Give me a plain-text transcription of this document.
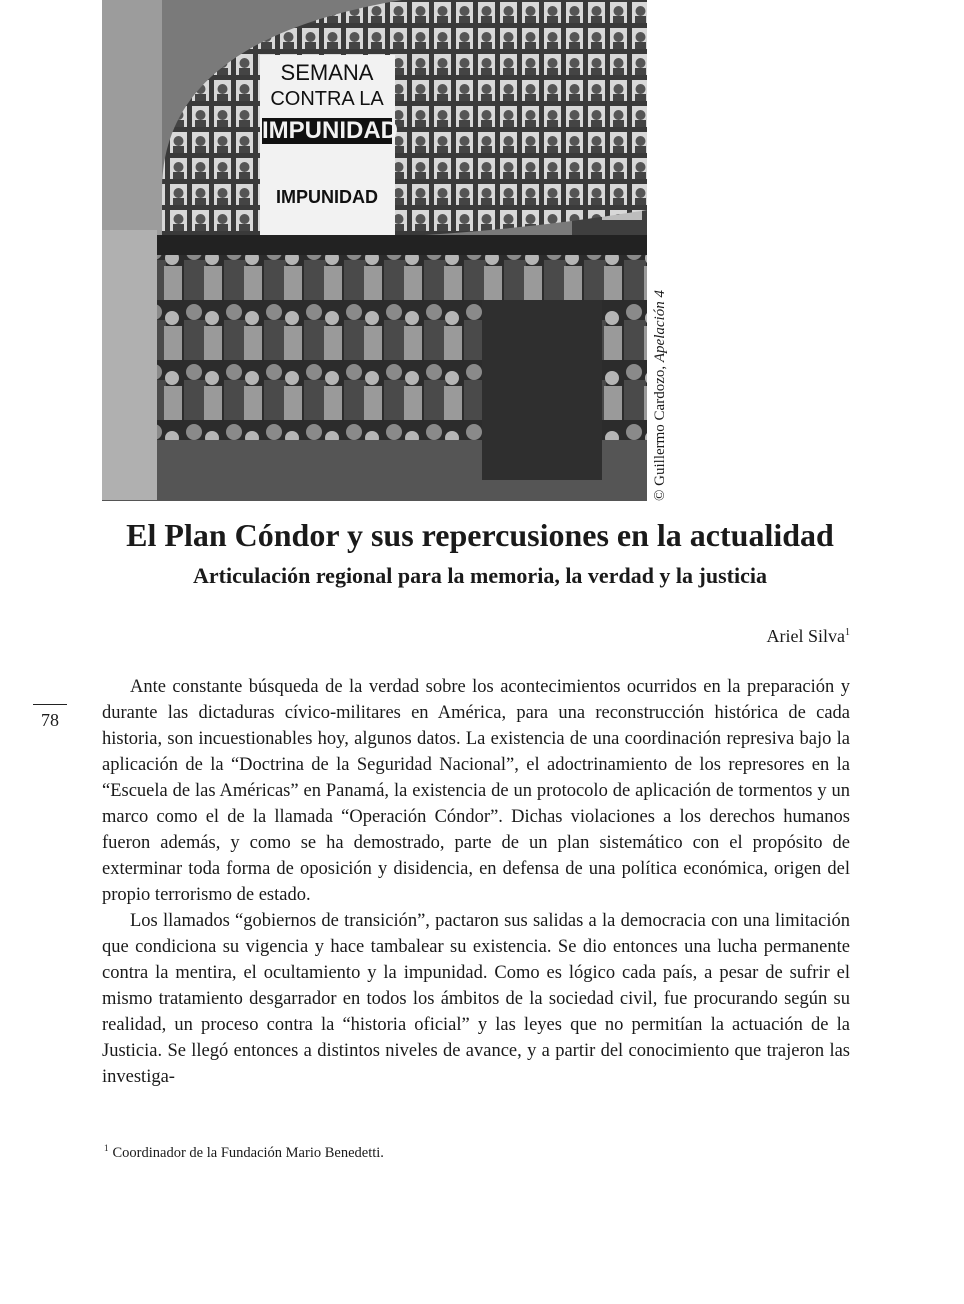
SEMANA
CONTRA LA
IMPUNIDAD
IMPUNIDAD
© Guillermo Cardozo, Apelación 4
El Plan Cóndor y sus repercusiones en la actualidad
Articulación regional para la memoria, la verdad y la justicia
Ariel Silva$^1$
78

Ante constante búsqueda de la verdad sobre los acontecimientos ocurridos en la preparación y durante las dictaduras cívico-militares en América, para una reconstrucción histórica de cada historia, son incuestionables hoy, algunos datos. La existencia de una coordinación represiva bajo la aplicación de la “Doctrina de la Seguridad Nacional”, el adoctrinamiento de los represores en la “Escuela de las Américas” en Panamá, la existencia de un protocolo de aplicación de tormentos y un marco como el de la llamada “Operación Cóndor”. Dichas violaciones a los derechos humanos fueron además, y como se ha demostrado, parte de un plan sistemático con el propósito de exterminar toda forma de oposición y disidencia, en defensa de una política económica, origen del propio terrorismo de estado.

Los llamados “gobiernos de transición”, pactaron sus salidas a la democracia con una limitación que condiciona su vigencia y hace tambalear su existencia. Se dio entonces una lucha permanente contra la mentira, el ocultamiento y la impunidad. Como es lógico cada país, a pesar de sufrir el mismo tratamiento desgarrador en todos los ámbitos de la sociedad civil, fue procurando según su realidad, un proceso contra la “historia oficial” y las leyes que no permitían la actuación de la Justicia. Se llegó entonces a distintos niveles de avance, y a partir del conocimiento que trajeron las investiga-

$^1$ Coordinador de la Fundación Mario Benedetti.
